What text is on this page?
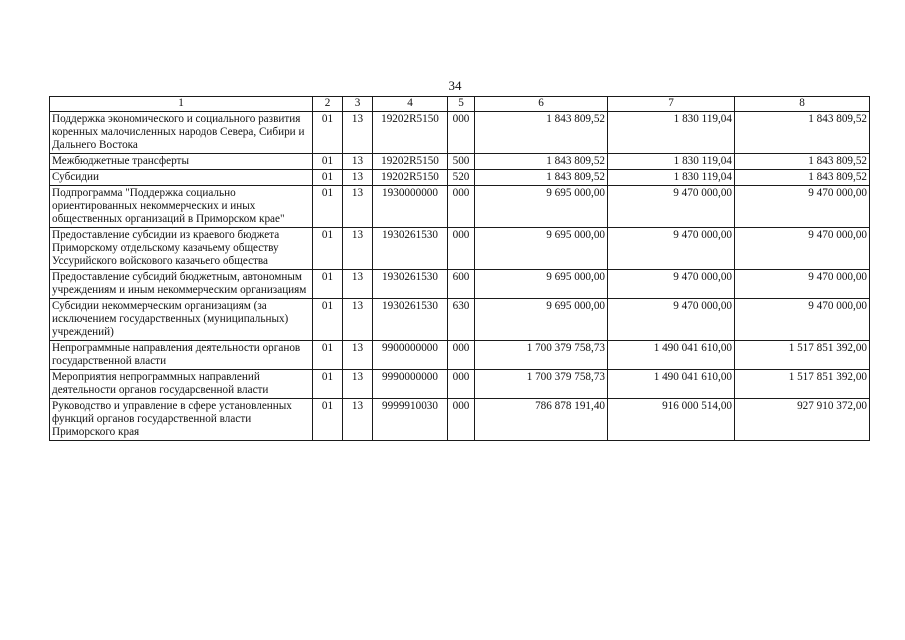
34
1	2	3	4	5	6	7	8
Поддержка экономического и социального развития коренных малочисленных народов Севера, Сибири и Дальнего Востока	01	13	19202R5150	000	1 843 809,52	1 830 119,04	1 843 809,52
Межбюджетные трансферты	01	13	19202R5150	500	1 843 809,52	1 830 119,04	1 843 809,52
Субсидии	01	13	19202R5150	520	1 843 809,52	1 830 119,04	1 843 809,52
Подпрограмма "Поддержка социально ориентированных некоммерческих и иных общественных организаций в Приморском крае"	01	13	1930000000	000	9 695 000,00	9 470 000,00	9 470 000,00
Предоставление субсидии из краевого бюджета Приморскому отдельскому казачьему обществу Уссурийского войскового казачьего общества	01	13	1930261530	000	9 695 000,00	9 470 000,00	9 470 000,00
Предоставление субсидий бюджетным, автономным учреждениям и иным некоммерческим организациям	01	13	1930261530	600	9 695 000,00	9 470 000,00	9 470 000,00
Субсидии некоммерческим организациям (за исключением государственных (муниципальных) учреждений)	01	13	1930261530	630	9 695 000,00	9 470 000,00	9 470 000,00
Непрограммные направления деятельности органов государственной власти	01	13	9900000000	000	1 700 379 758,73	1 490 041 610,00	1 517 851 392,00
Мероприятия непрограммных направлений деятельности органов государсвенной власти	01	13	9990000000	000	1 700 379 758,73	1 490 041 610,00	1 517 851 392,00
Руководство и управление в сфере установленных функций органов государственной власти Приморского края	01	13	9999910030	000	786 878 191,40	916 000 514,00	927 910 372,00
